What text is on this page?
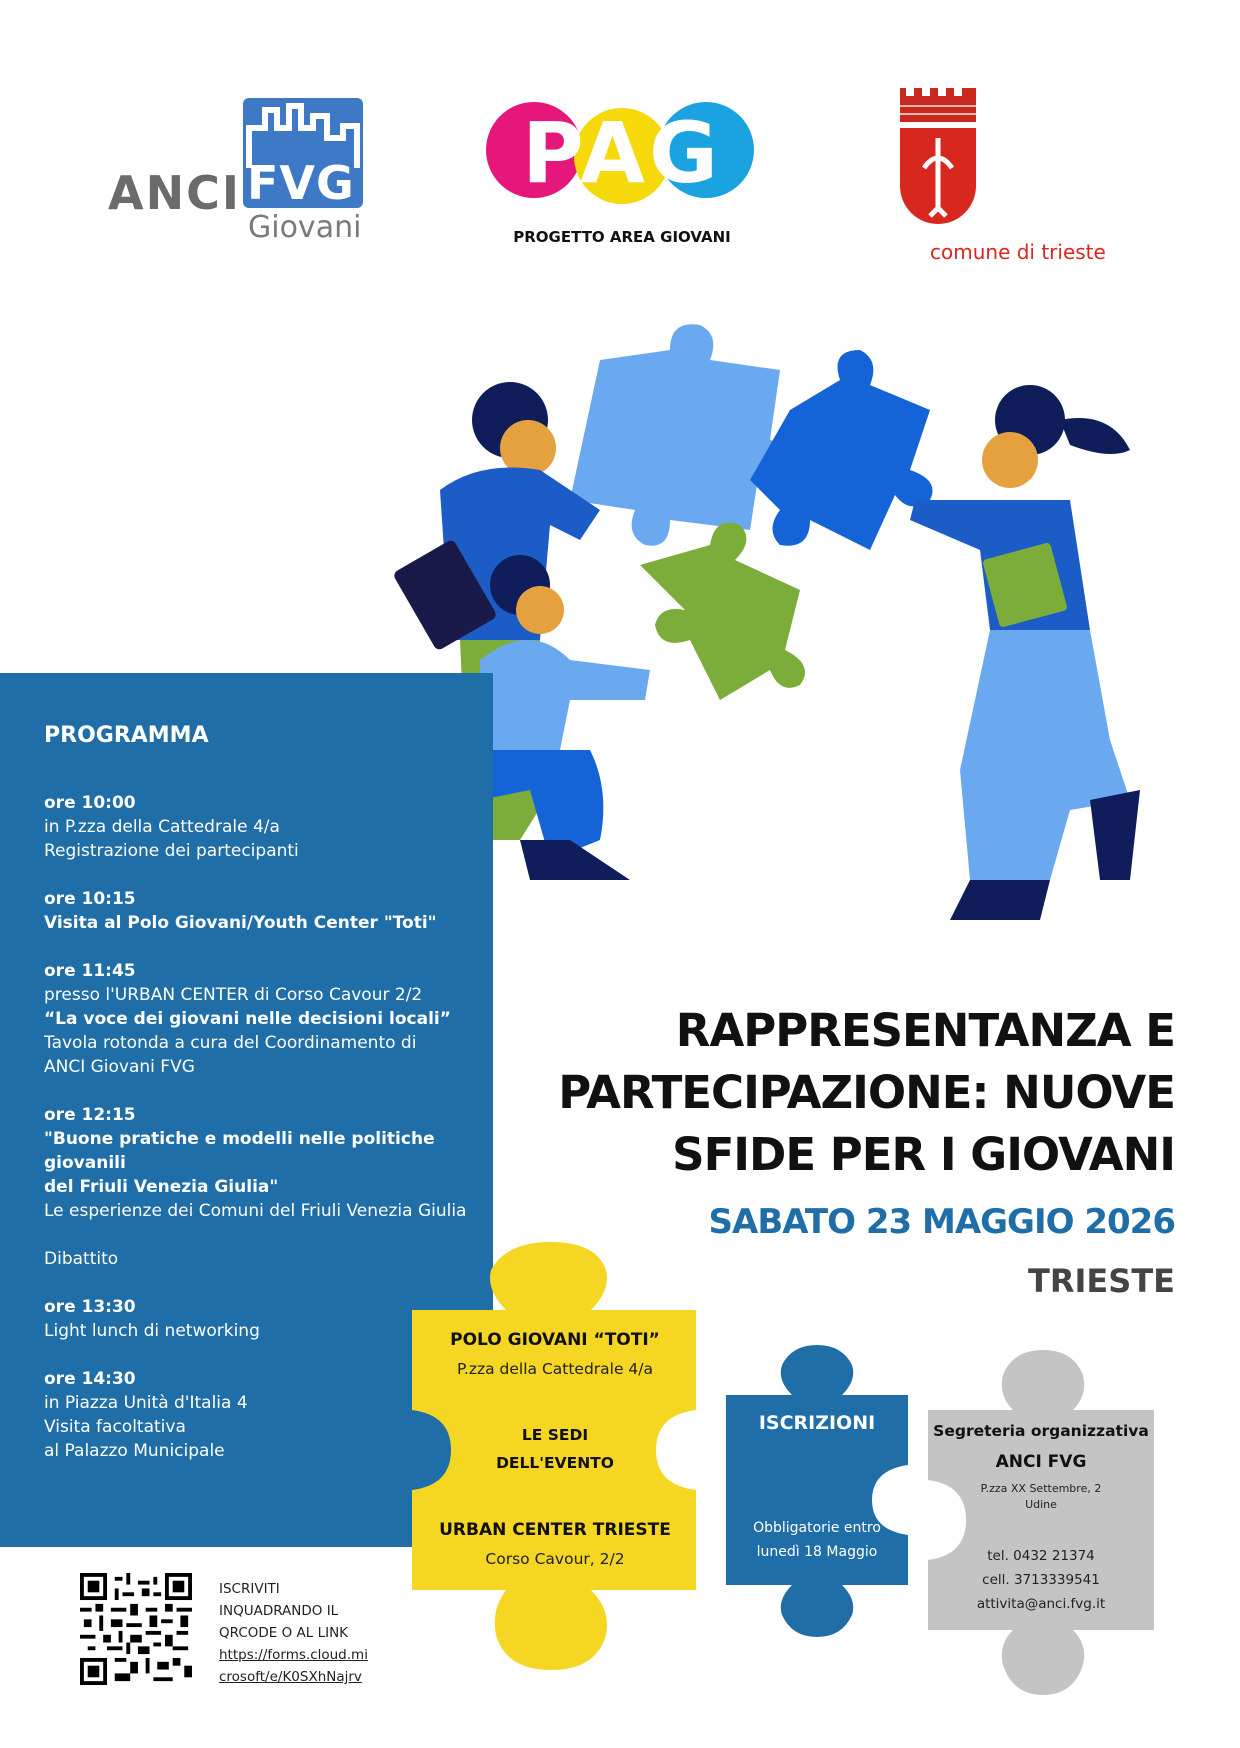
FVG
ANCI
Giovani
PAG
PROGETTO AREA GIOVANI
comune di trieste
PROGRAMMA
ore 10:00
in P.zza della Cattedrale 4/a
Registrazione dei partecipanti
ore 10:15
Visita al Polo Giovani/Youth Center "Toti"
ore 11:45
presso l'URBAN CENTER di Corso Cavour 2/2
“La voce dei giovani nelle decisioni locali”
Tavola rotonda a cura del Coordinamento di
ANCI Giovani FVG
ore 12:15
"Buone pratiche e modelli nelle politiche giovanili
del Friuli Venezia Giulia"
Le esperienze dei Comuni del Friuli Venezia Giulia
Dibattito
ore 13:30
Light lunch di networking
ore 14:30
in Piazza Unità d'Italia 4
Visita facoltativa
al Palazzo Municipale
RAPPRESENTANZA E
PARTECIPAZIONE: NUOVE
SFIDE PER I GIOVANI
SABATO 23 MAGGIO 2026
TRIESTE
POLO GIOVANI “TOTI”
P.zza della Cattedrale 4/a
LE SEDI
DELL'EVENTO
URBAN CENTER TRIESTE
Corso Cavour, 2/2
ISCRIZIONI
Obbligatorie entro
lunedì 18 Maggio
Segreteria organizzativa
ANCI FVG
P.zza XX Settembre, 2
Udine
tel. 0432 21374
cell. 3713339541
attivita@anci.fvg.it
ISCRIVITI
INQUADRANDO IL
QRCODE O AL LINK
https://forms.cloud.mi
crosoft/e/K0SXhNajrv
